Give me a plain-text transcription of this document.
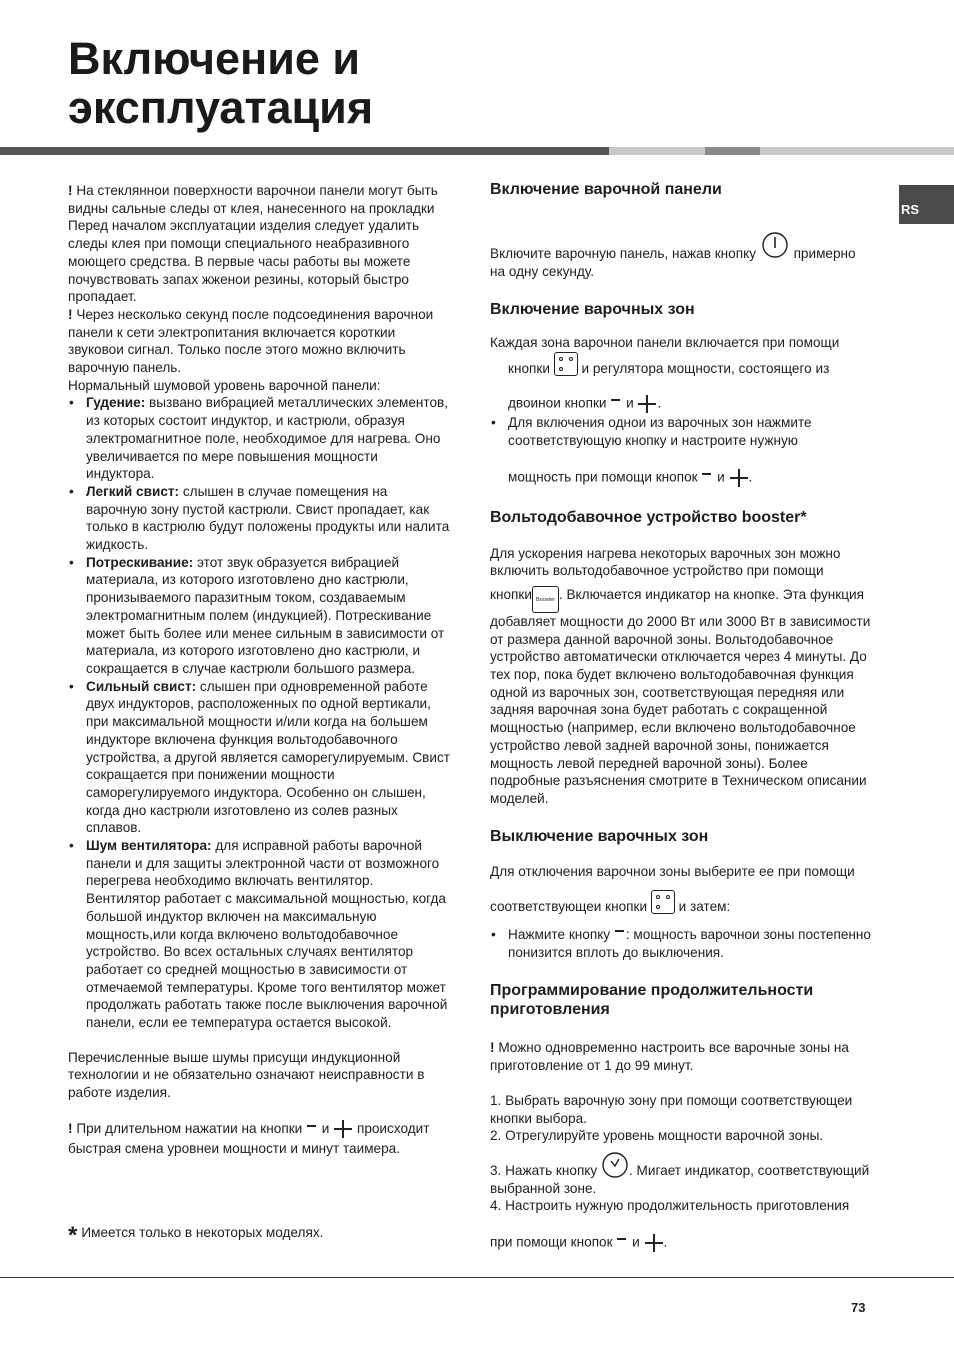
Включение и
эксплуатация
RS

! На стекляннои поверхности варочнои панели могут быть видны сальные следы от клея, нанесенного на прокладки Перед началом эксплуатации изделия следует удалить следы клея при помощи специального неабразивного моющего средства. В первые часы работы вы можете почувствовать запах жженои резины, который быстро пропадает.

! Через несколько секунд после подсоединения варочнои панели к сети электропитания включается короткии звуковои сигнал. Только после этого можно включить варочную панель.

Нормальный шумовой уровень варочной панели:

• Гудение: вызвано вибрацией металлических элементов, из которых состоит индуктор, и кастрюли, образуя электромагнитное поле, необходимое для нагрева. Оно увеличивается по мере повышения мощности индуктора.

• Легкий свист: слышен в случае помещения на варочную зону пустой кастрюли. Свист пропадает, как только в кастрюлю будут положены продукты или налита жидкость.

• Потрескивание: этот звук образуется вибрацией материала, из которого изготовлено дно кастрюли, пронизываемого паразитным током, создаваемым электромагнитным полем (индукцией). Потрескивание может быть более или менее сильным в зависимости от материала, из которого изготовлено дно кастрюли, и сокращается в случае кастрюли большого размера.

• Сильный свист: слышен при одновременной работе двух индукторов, расположенных по одной вертикали, при максимальной мощности и/или когда на большем индукторе включена функция вольтодобавочного устройства, а другой является саморегулируемым. Свист сокращается при понижении мощности саморегулируемого индуктора. Особенно он слышен, когда дно кастрюли изготовлено из солев разных сплавов.

• Шум вентилятора: для исправной работы варочной панели и для защиты электронной части от возможного перегрева необходимо включать вентилятор. Вентилятор работает с максимальной мощностью, когда большой индуктор включен на максимальную мощность,или когда включено вольтодобавочное устройство. Во всех остальных случаях вентилятор работает со средней мощностью в зависимости от отмечаемой температуры. Кроме того вентилятор может продолжать работать также после выключения варочной панели, если ее температура остается высокой.

Перечисленные выше шумы присущи индукционной технологии и не обязательно означают неисправности в работе изделия.

! При длительном нажатии на кнопки и происходит быстрая смена уровнеи мощности и минут таимера.

Включение варочной панели

Включите варочную панель, нажав кнопку	примерно на одну секунду.

Включение варочных зон

Каждая зона варочнои панели включается при помощи
кнопки и регулятора мощности, состоящего из
двоинои кнопки и .

• Для включения однои из варочных зон нажмите соответствующую кнопку и настроите нужную
мощность при помощи кнопок и .

Вольтодобавочное устройство booster*

Для ускорения нагрева некоторых варочных зон можно включить вольтодобавочное устройство при помощи
кнопки Booster . Включается индикатор на кнопке. Эта функция добавляет мощности до 2000 Вт или 3000 Вт в зависимости от размера данной варочной зоны. Вольтодобавочное устройство автоматически отключается через 4 минуты. До тех пор, пока будет включено вольтодобавочная функция одной из варочных зон, соответствующая передняя или задняя варочная зона будет работать с сокращенной мощностью (например, если включено вольтодобавочное устройство левой задней варочной зоны, понижается мощность левой передней варочной зоны). Более подробные разъяснения смотрите в Техническом описании моделей.

Выключение варочных зон

Для отключения варочнои зоны выберите ее при помощи
соответствующеи кнопки и затем:

• Нажмите кнопку : мощность варочнои зоны постепенно понизится вплоть до выключения.

Программирование продолжительности приготовления

! Можно одновременно настроить все варочные зоны на приготовление от 1 до 99 минут.

1. Выбрать варочную зону при помощи соответствующеи кнопки выбора.

2. Отрегулируйте уровень мощности варочной зоны.

3. Нажать кнопку . Мигает индикатор, соответствующий выбранной зоне.

4. Настроить нужную продолжительность приготовления

при помощи кнопок и .

* Имеется только в некоторых моделях.
73
